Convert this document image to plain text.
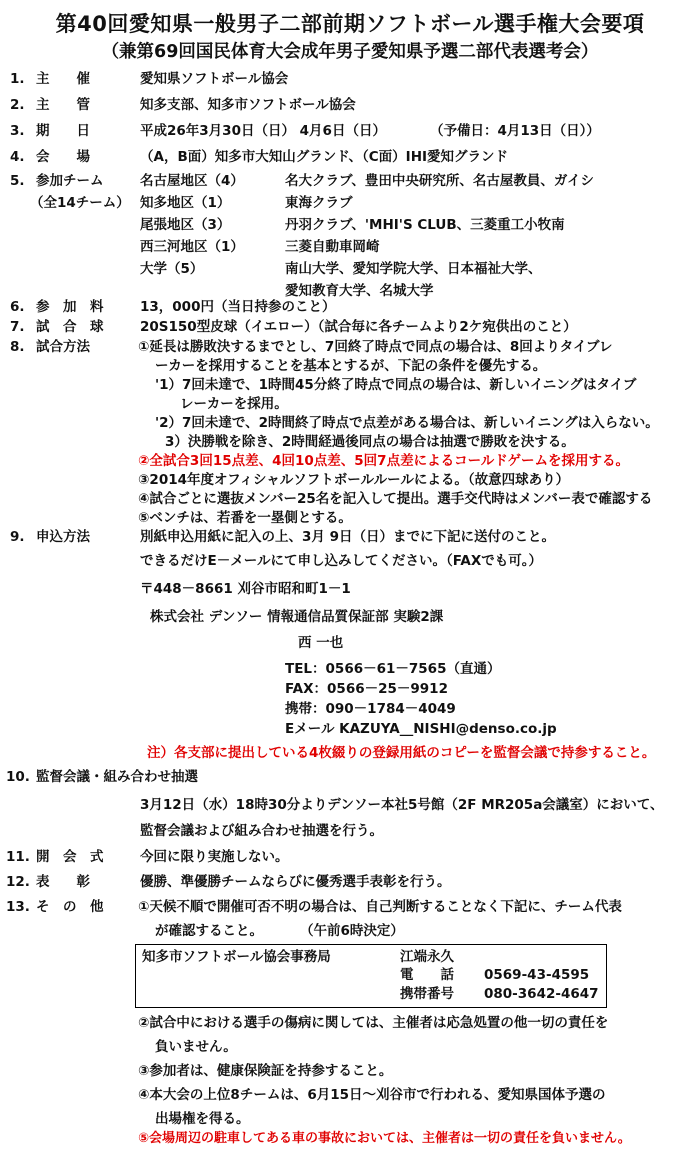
第40回愛知県一般男子二部前期ソフトボール選手権大会要項
（兼第69回国民体育大会成年男子愛知県予選二部代表選考会）
1. 主　　催	愛知県ソフトボール協会
2. 主　　管	知多支部、知多市ソフトボール協会
3. 期　　日	平成26年3月30日（日） 4月6日（日）	（予備日：4月13日（日））
4. 会　　場	（A，B面）知多市大知山グランド、（C面）IHI愛知グランド
5. 参加チーム
（全14チーム）
名古屋地区（4）	名大クラブ、豊田中央研究所、名古屋教員、ガイシ
知多地区（1）	東海クラブ
尾張地区（3）	丹羽クラブ、'MHI'S CLUB、三菱重工小牧南
西三河地区（1）	三菱自動車岡崎
大学（5）	南山大学、愛知学院大学、日本福祉大学、
愛知教育大学、名城大学
6. 参　加　料	13，000円（当日持参のこと）
7. 試　合　球	20S150型皮球（イエロー）（試合毎に各チームより2ケ宛供出のこと）
8. 試合方法	①延長は勝敗決するまでとし、7回終了時点で同点の場合は、8回よりタイブレ
ーカーを採用することを基本とするが、下記の条件を優先する。
'1）7回未達で、1時間45分終了時点で同点の場合は、新しいイニングはタイブ
レーカーを採用。
'2）7回未達で、2時間終了時点で点差がある場合は、新しいイニングは入らない。
3）決勝戦を除き、2時間経過後同点の場合は抽選で勝敗を決する。
②全試合3回15点差、4回10点差、5回7点差によるコールドゲームを採用する。
③2014年度オフィシャルソフトボールルールによる。（故意四球あり）
④試合ごとに選抜メンバー25名を記入して提出。選手交代時はメンバー表で確認する
⑤ベンチは、若番を一塁側とする。
9. 申込方法	別紙申込用紙に記入の上、3月 9日（日）までに下記に送付のこと。
できるだけE－メールにて申し込みしてください。（FAXでも可。）
〒448－8661 刈谷市昭和町1－1
株式会社 デンソー 情報通信品質保証部 実験2課
西 一也
TEL：0566－61－7565（直通）
FAX：0566－25－9912
携帯：090－1784－4049
Eメール KAZUYA__NISHI@denso.co.jp
注）各支部に提出している4枚綴りの登録用紙のコピーを監督会議で持参すること。
10. 監督会議・組み合わせ抽選
3月12日（水）18時30分よりデンソー本社5号館（2F MR205a会議室）において、
監督会議および組み合わせ抽選を行う。
11. 開　会　式	今回に限り実施しない。
12. 表　　彰	優勝、準優勝チームならびに優秀選手表彰を行う。
13. そ　の　他	①天候不順で開催可否不明の場合は、自己判断することなく下記に、チーム代表
が確認すること。	（午前6時決定）
知多市ソフトボール協会事務局	江端永久
電　　話 0569-43-4595
携帯番号 080-3642-4647
②試合中における選手の傷病に関しては、主催者は応急処置の他一切の責任を
負いません。
③参加者は、健康保険証を持参すること。
④本大会の上位8チームは、6月15日～刈谷市で行われる、愛知県国体予選の
出場権を得る。
⑤会場周辺の駐車してある車の事故においては、主催者は一切の責任を負いません。
